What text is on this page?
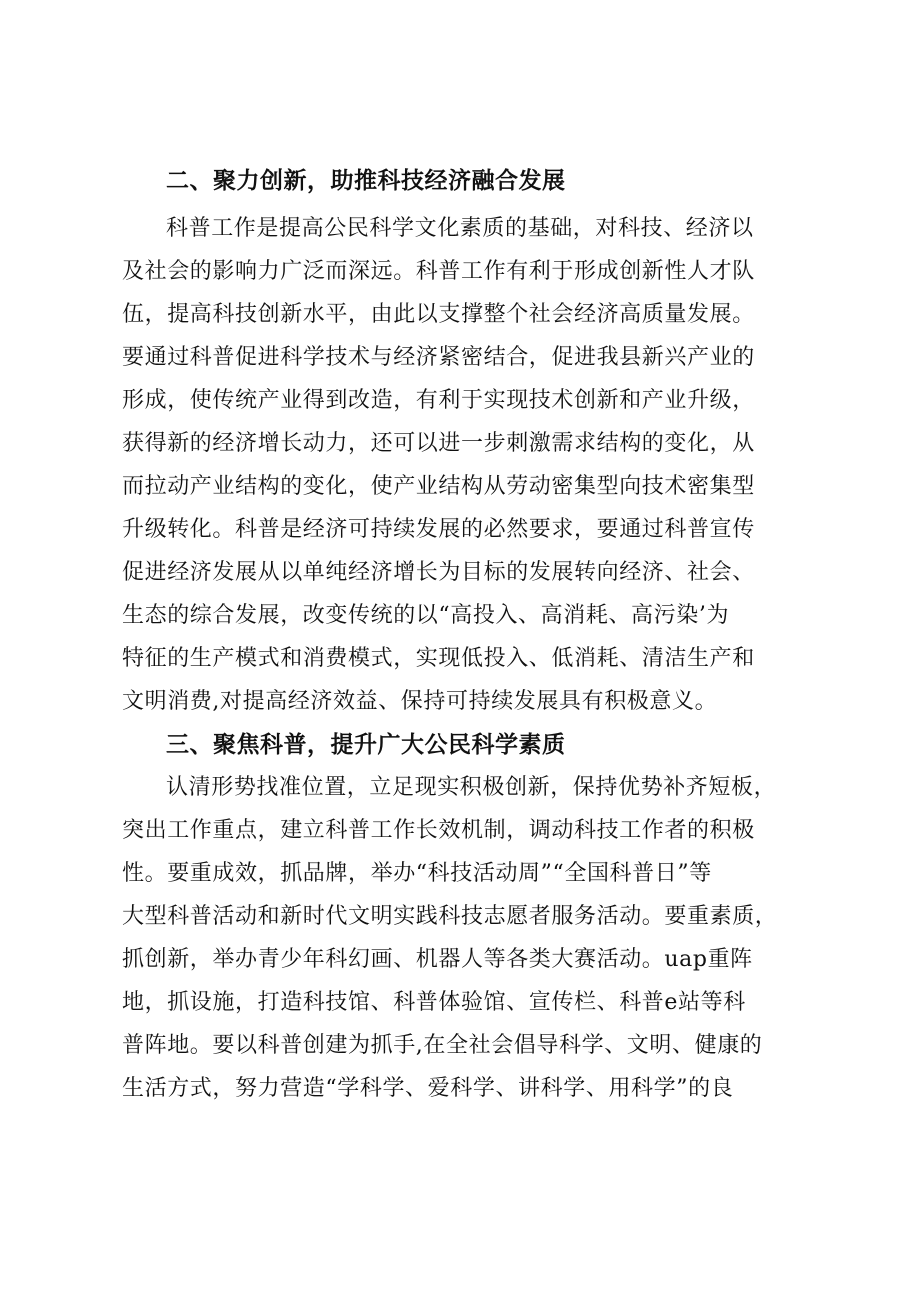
二、聚力创新，助推科技经济融合发展
科普工作是提高公民科学文化素质的基础，对科技、经济以
及社会的影响力广泛而深远。科普工作有利于形成创新性人才队
伍，提高科技创新水平，由此以支撑整个社会经济高质量发展。
要通过科普促进科学技术与经济紧密结合，促进我县新兴产业的
形成，使传统产业得到改造，有利于实现技术创新和产业升级，
获得新的经济增长动力，还可以进一步刺激需求结构的变化，从
而拉动产业结构的变化，使产业结构从劳动密集型向技术密集型
升级转化。科普是经济可持续发展的必然要求，要通过科普宣传
促进经济发展从以单纯经济增长为目标的发展转向经济、社会、
生态的综合发展，改变传统的以“高投入、高消耗、高污染’为
特征的生产模式和消费模式，实现低投入、低消耗、清洁生产和
文明消费,对提高经济效益、保持可持续发展具有积极意义。
三、聚焦科普，提升广大公民科学素质
认清形势找准位置，立足现实积极创新，保持优势补齐短板，
突出工作重点，建立科普工作长效机制，调动科技工作者的积极
性。要重成效，抓品牌，举办“科技活动周”“全国科普日”等
大型科普活动和新时代文明实践科技志愿者服务活动。要重素质，
抓创新，举办青少年科幻画、机器人等各类大赛活动。uap重阵
地，抓设施，打造科技馆、科普体验馆、宣传栏、科普e站等科
普阵地。要以科普创建为抓手,在全社会倡导科学、文明、健康的
生活方式，努力营造“学科学、爱科学、讲科学、用科学”的良
